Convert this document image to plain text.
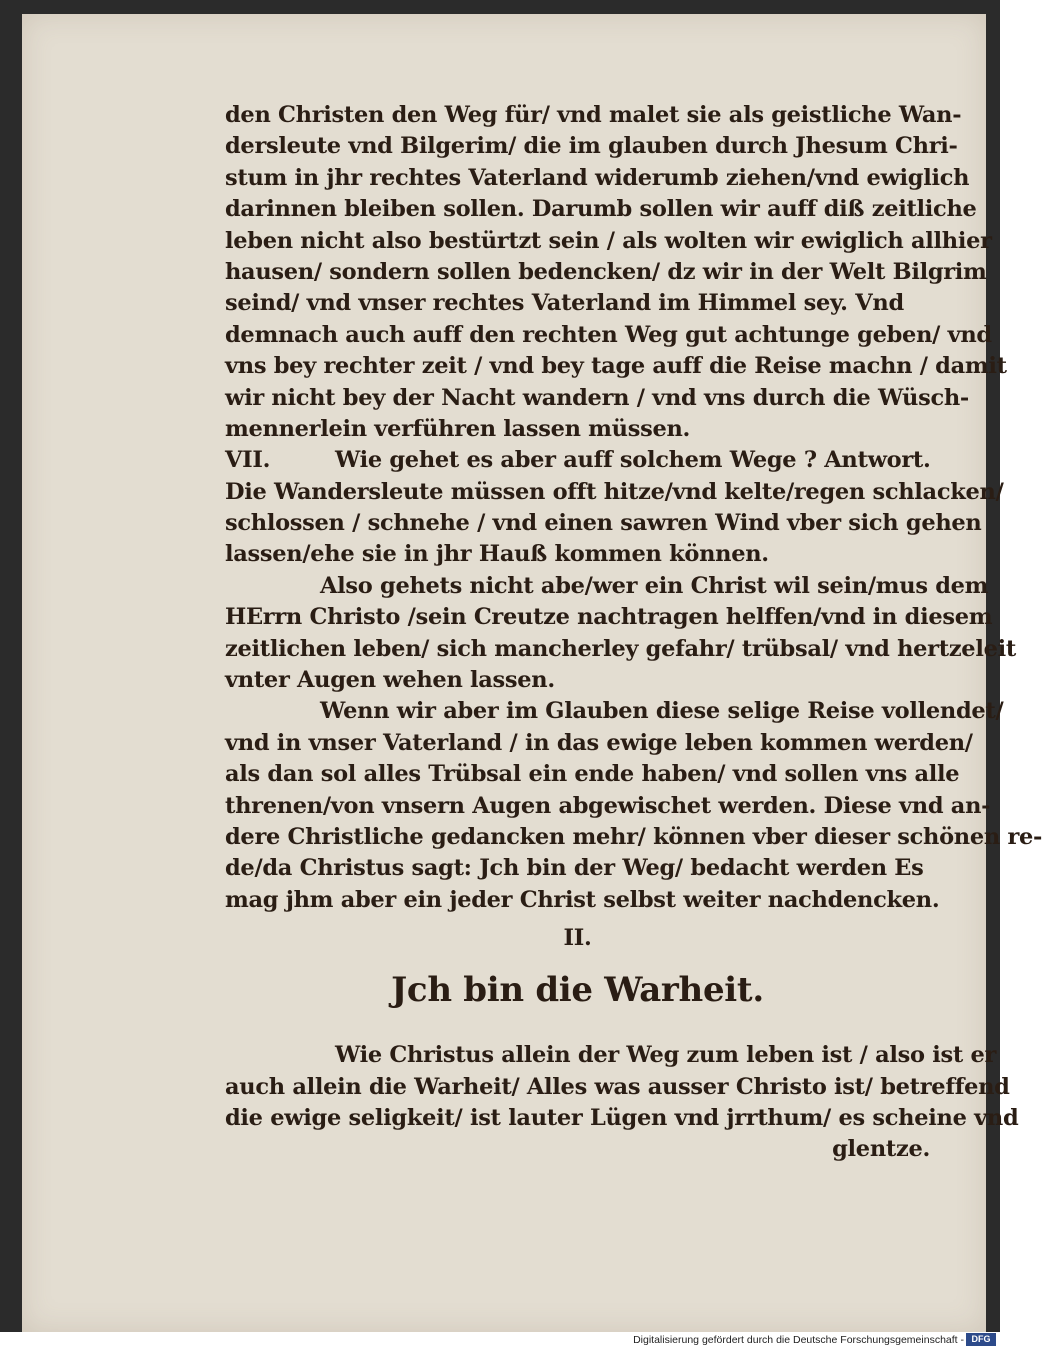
den Christen den Weg für/ vnd malet sie als geistliche Wan-
dersleute vnd Bilgerim/ die im glauben durch Jhesum Chri-
stum in jhr rechtes Vaterland widerumb ziehen/vnd ewiglich
darinnen bleiben sollen. Darumb sollen wir auff diß zeitliche
leben nicht also bestürtzt sein / als wolten wir ewiglich allhier
hausen/ sondern sollen bedencken/ dz wir in der Welt Bilgrim
seind/ vnd vnser rechtes Vaterland im Himmel sey. Vnd
demnach auch auff den rechten Weg gut achtunge geben/ vnd
vns bey rechter zeit / vnd bey tage auff die Reise machn / damit
wir nicht bey der Nacht wandern / vnd vns durch die Wüsch-
mennerlein verführen lassen müssen.
VII.	Wie gehet es aber auff solchem Wege ? Antwort.
Die Wandersleute müssen offt hitze/vnd kelte/regen schlacken/
schlossen / schnehe / vnd einen sawren Wind vber sich gehen
lassen/ehe sie in jhr Hauß kommen können.
Also gehets nicht abe/wer ein Christ wil sein/mus dem
HErrn Christo /sein Creutze nachtragen helffen/vnd in diesem
zeitlichen leben/ sich mancherley gefahr/ trübsal/ vnd hertzeleit
vnter Augen wehen lassen.
Wenn wir aber im Glauben diese selige Reise vollendet/
vnd in vnser Vaterland / in das ewige leben kommen werden/
als dan sol alles Trübsal ein ende haben/ vnd sollen vns alle
threnen/von vnsern Augen abgewischet werden. Diese vnd an-
dere Christliche gedancken mehr/ können vber dieser schönen re-
de/da Christus sagt: Jch bin der Weg/ bedacht werden Es
mag jhm aber ein jeder Christ selbst weiter nachdencken.
II.
Jch bin die Warheit.
Wie Christus allein der Weg zum leben ist / also ist er
auch allein die Warheit/ Alles was ausser Christo ist/ betreffend
die ewige seligkeit/ ist lauter Lügen vnd jrrthum/ es scheine vnd
glentze.
Digitalisierung gefördert durch die Deutsche Forschungsgemeinschaft - DFG
